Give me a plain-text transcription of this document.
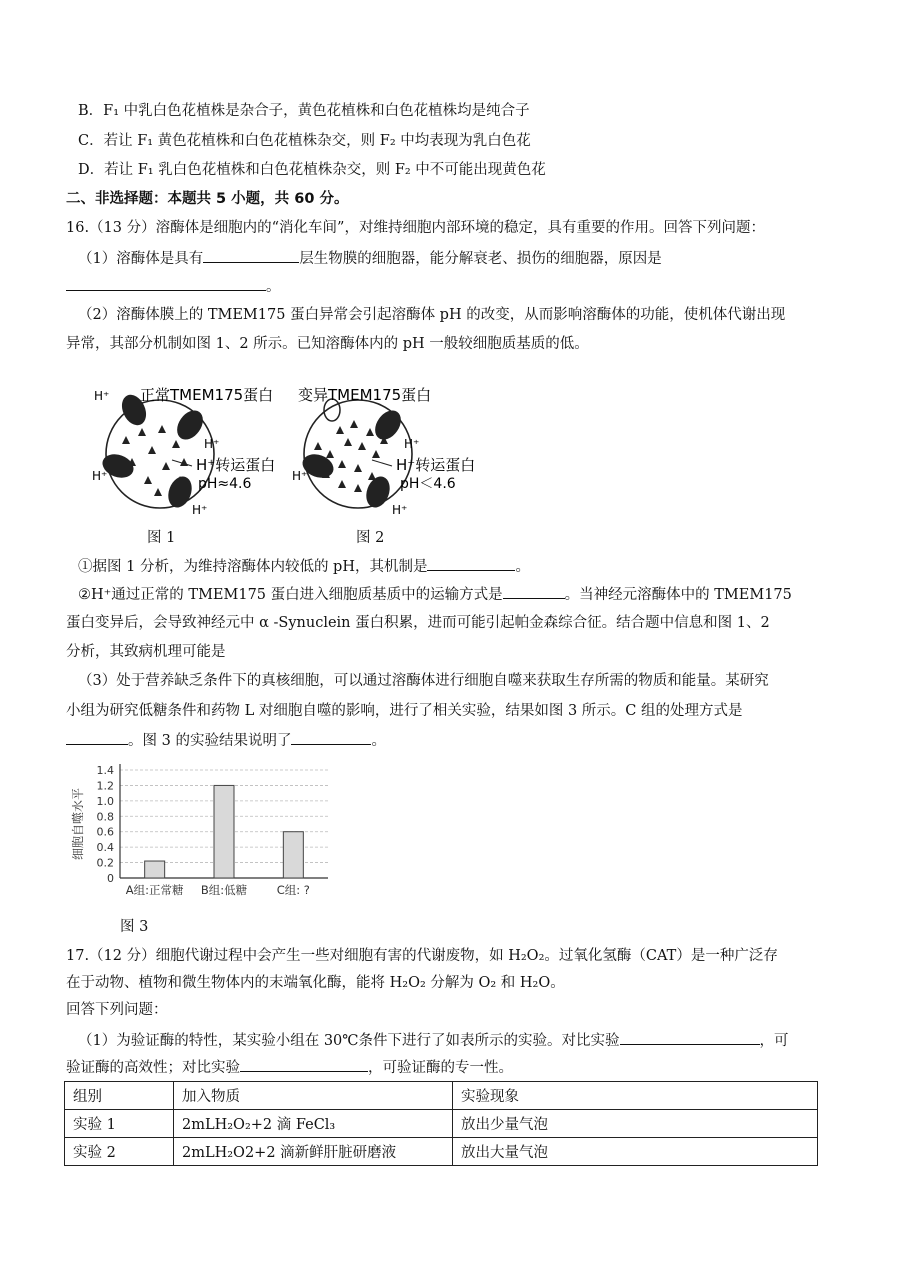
B．F₁ 中乳白色花植株是杂合子，黄色花植株和白色花植株均是纯合子
C．若让 F₁ 黄色花植株和白色花植株杂交，则 F₂ 中均表现为乳白色花
D．若让 F₁ 乳白色花植株和白色花植株杂交，则 F₂ 中不可能出现黄色花
二、非选择题：本题共 5 小题，共 60 分。
16.（13 分）溶酶体是细胞内的“消化车间”，对维持细胞内部环境的稳定，具有重要的作用。回答下列问题：
（1）溶酶体是具有	层生物膜的细胞器，能分解衰老、损伤的细胞器，原因是
。
（2）溶酶体膜上的 TMEM175 蛋白异常会引起溶酶体 pH 的改变，从而影响溶酶体的功能，使机体代谢出现
异常，其部分机制如图 1、2 所示。已知溶酶体内的 pH 一般较细胞质基质的低。
H⁺ 正常TMEM175蛋白
H⁺
H⁺转运蛋白
pH≈4.6
H⁺
H⁺
图 1
变异TMEM175蛋白
H⁺
H⁺转运蛋白
pH＜4.6
H⁺
H⁺
图 2
①据图 1 分析，为维持溶酶体内较低的 pH，其机制是	。
②H⁺通过正常的 TMEM175 蛋白进入细胞质基质中的运输方式是	。当神经元溶酶体中的 TMEM175
蛋白变异后，会导致神经元中 α -Synuclein 蛋白积累，进而可能引起帕金森综合征。结合题中信息和图 1、2
分析，其致病机理可能是
（3）处于营养缺乏条件下的真核细胞，可以通过溶酶体进行细胞自噬来获取生存所需的物质和能量。某研究
小组为研究低糖条件和药物 L 对细胞自噬的影响，进行了相关实验，结果如图 3 所示。C 组的处理方式是
。图 3 的实验结果说明了	。
0
0.2
0.4
0.6
0.8
1.0
1.2
1.4
细胞自噬水平
A组:正常糖 B组:低糖	C组: ?
图 3
17.（12 分）细胞代谢过程中会产生一些对细胞有害的代谢废物，如 H₂O₂。过氧化氢酶（CAT）是一种广泛存
在于动物、植物和微生物体内的末端氧化酶，能将 H₂O₂ 分解为 O₂ 和 H₂O。
回答下列问题：
（1）为验证酶的特性，某实验小组在 30℃条件下进行了如表所示的实验。对比实验	，可
验证酶的高效性；对比实验	，可验证酶的专一性。
组别	加入物质	实验现象
实验 1	2mLH₂O₂+2 滴 FeCl₃	放出少量气泡
实验 2	2mLH₂O2+2 滴新鲜肝脏研磨液	放出大量气泡
